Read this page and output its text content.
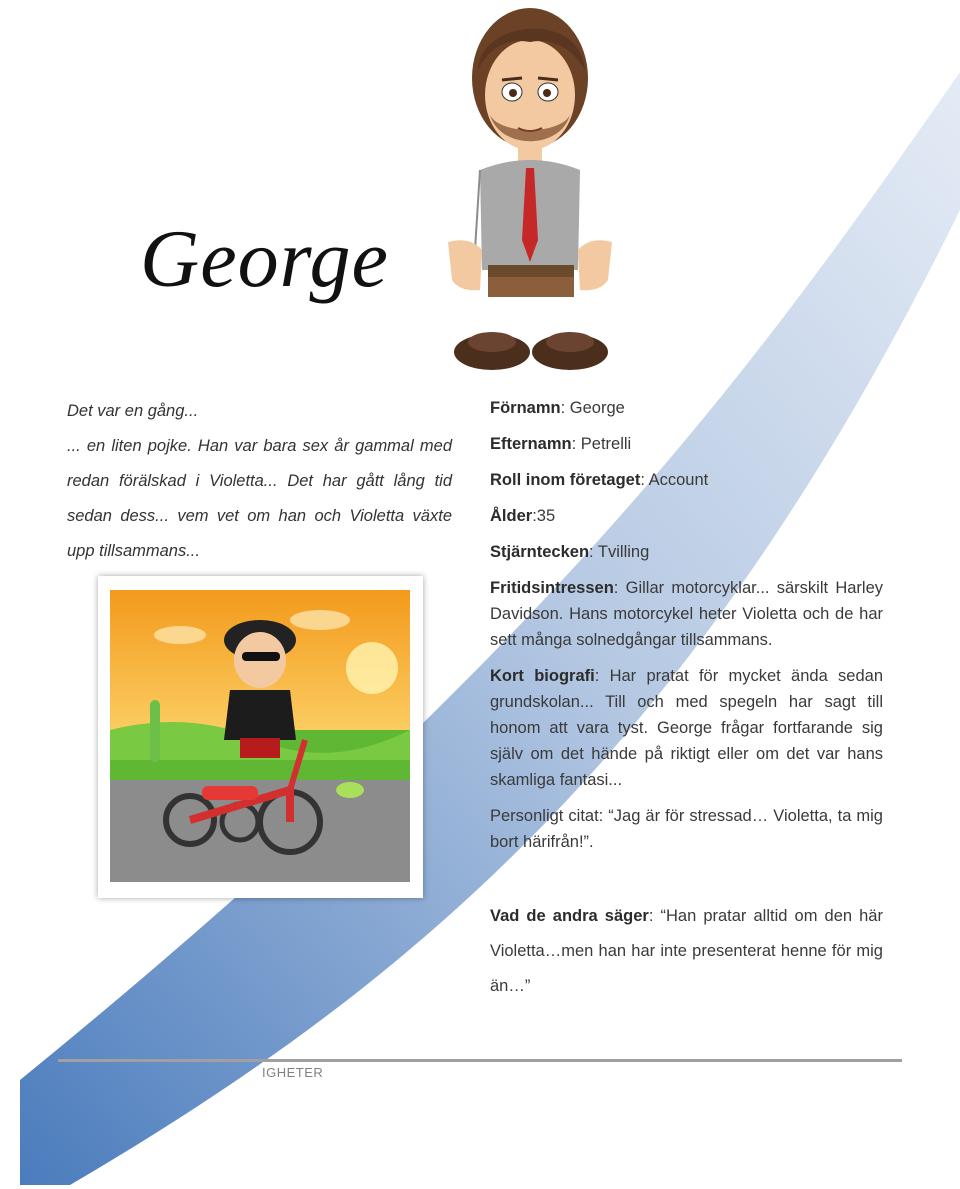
George

Det var en gång...

... en liten pojke. Han var bara sex år gammal med redan förälskad i Violetta... Det har gått lång tid sedan dess... vem vet om han och Violetta växte upp tillsammans...

Förnamn: George

Efternamn: Petrelli

Roll inom företaget: Account

Ålder:35

Stjärntecken: Tvilling

Fritidsintressen: Gillar motorcyklar... särskilt Harley Davidson. Hans motorcykel heter Violetta och de har sett många solnedgångar tillsammans.

Kort biografi: Har pratat för mycket ända sedan grundskolan... Till och med spegeln har sagt till honom att vara tyst. George frågar fortfarande sig själv om det hände på riktigt eller om det var hans skamliga fantasi...

Personligt citat: “Jag är för stressad… Violetta, ta mig bort härifrån!”.

Vad de andra säger: “Han pratar alltid om den här Violetta…men han har inte presenterat henne för mig än…”

IGHETER
